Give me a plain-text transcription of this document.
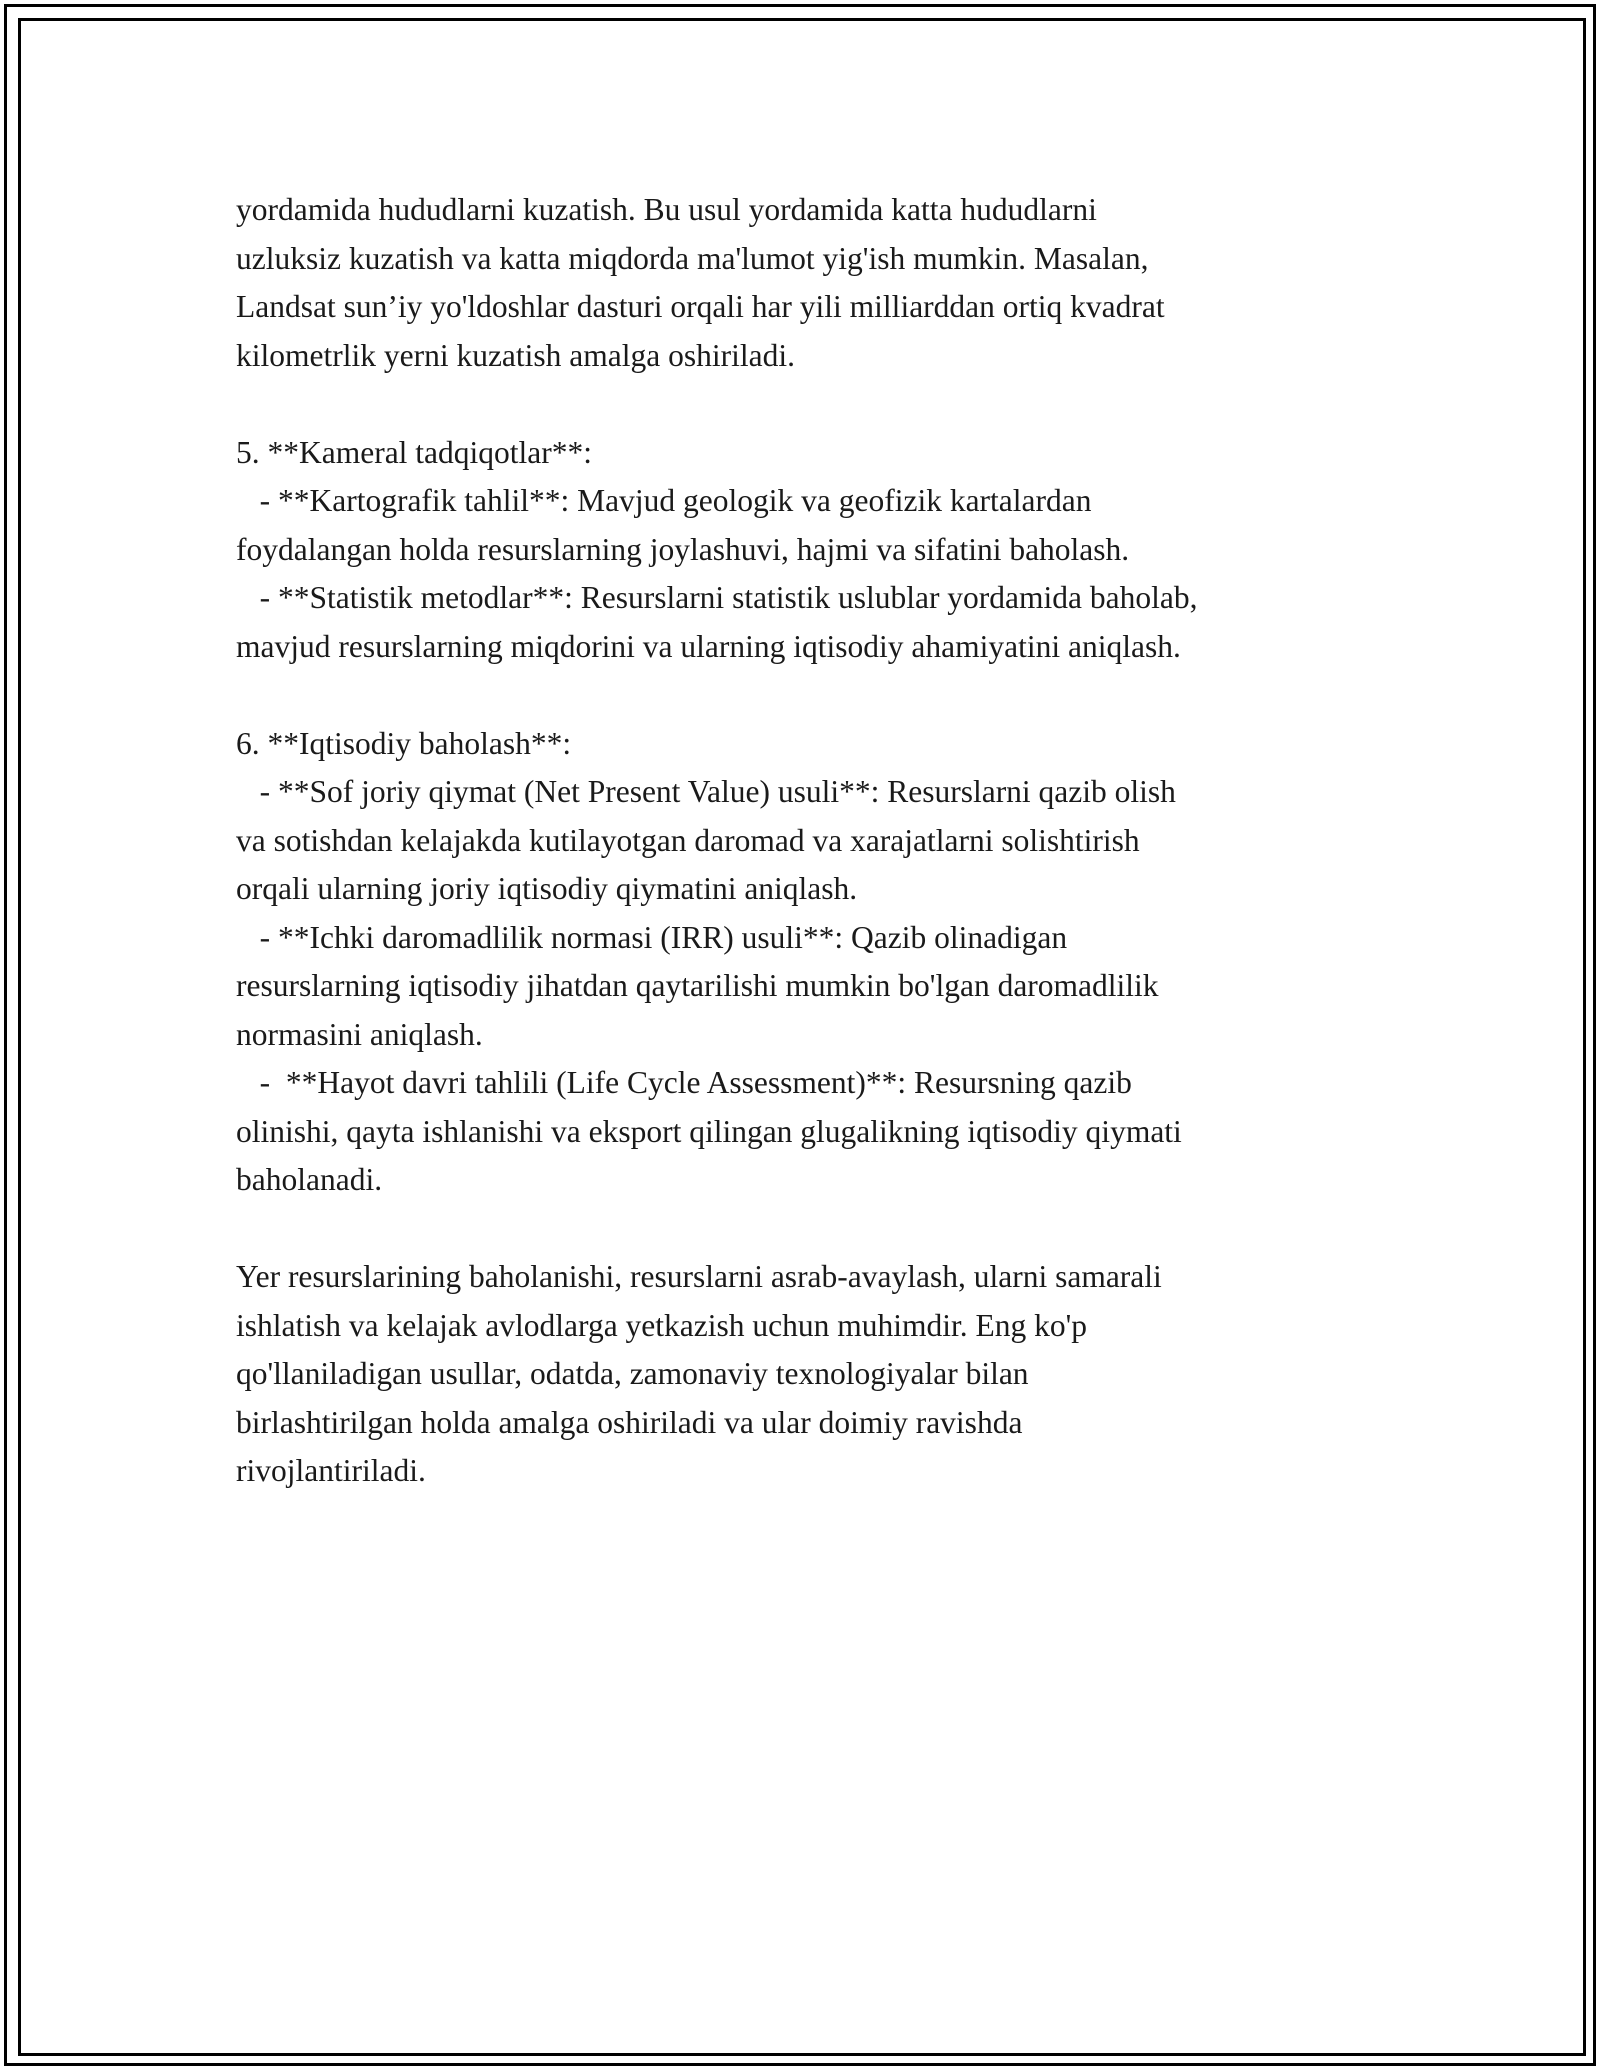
yordamida hududlarni kuzatish. Bu usul yordamida katta hududlarni
uzluksiz kuzatish va katta miqdorda ma'lumot yig'ish mumkin. Masalan,
Landsat sun’iy yo'ldoshlar dasturi orqali har yili milliarddan ortiq kvadrat
kilometrlik yerni kuzatish amalga oshiriladi.
5. **Kameral tadqiqotlar**:
- **Kartografik tahlil**: Mavjud geologik va geofizik kartalardan
foydalangan holda resurslarning joylashuvi, hajmi va sifatini baholash.
- **Statistik metodlar**: Resurslarni statistik uslublar yordamida baholab,
mavjud resurslarning miqdorini va ularning iqtisodiy ahamiyatini aniqlash.
6. **Iqtisodiy baholash**:
- **Sof joriy qiymat (Net Present Value) usuli**: Resurslarni qazib olish
va sotishdan kelajakda kutilayotgan daromad va xarajatlarni solishtirish
orqali ularning joriy iqtisodiy qiymatini aniqlash.
- **Ichki daromadlilik normasi (IRR) usuli**: Qazib olinadigan
resurslarning iqtisodiy jihatdan qaytarilishi mumkin bo'lgan daromadlilik
normasini aniqlash.
-  **Hayot davri tahlili (Life Cycle Assessment)**: Resursning qazib
olinishi, qayta ishlanishi va eksport qilingan glugalikning iqtisodiy qiymati
baholanadi.
Yer resurslarining baholanishi, resurslarni asrab-avaylash, ularni samarali
ishlatish va kelajak avlodlarga yetkazish uchun muhimdir. Eng ko'p
qo'llaniladigan usullar, odatda, zamonaviy texnologiyalar bilan
birlashtirilgan holda amalga oshiriladi va ular doimiy ravishda
rivojlantiriladi.
